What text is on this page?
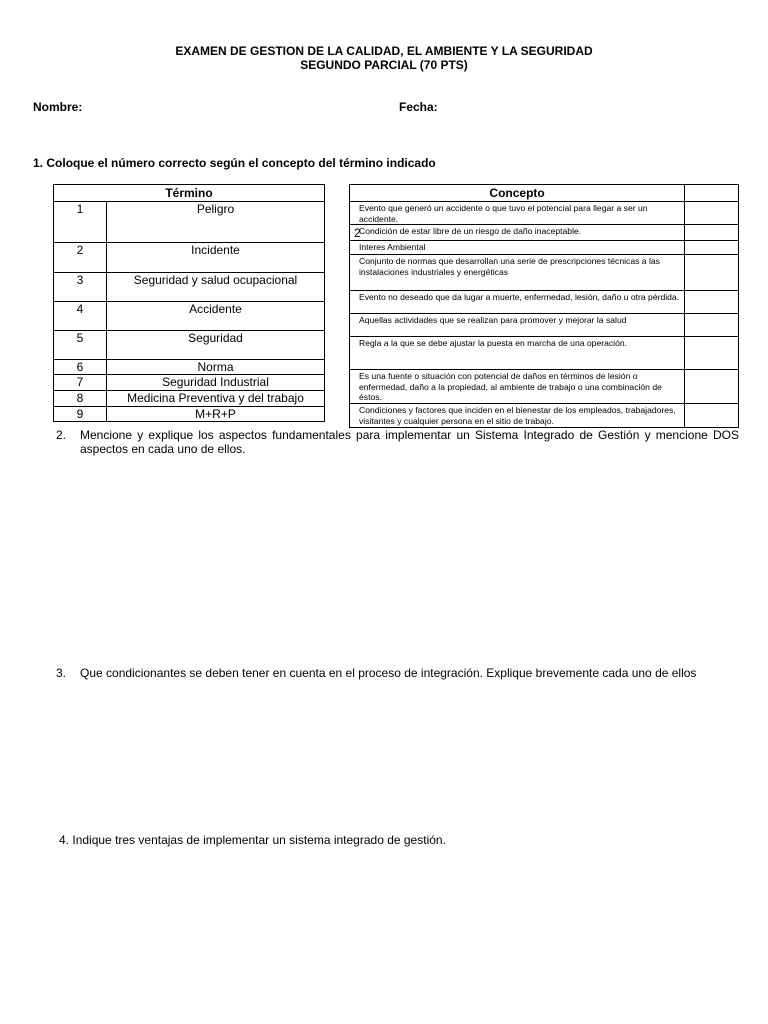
EXAMEN DE GESTION DE LA CALIDAD, EL AMBIENTE Y LA SEGURIDAD
SEGUNDO PARCIAL (70 PTS)
Nombre:	Fecha:
1. Coloque el número correcto según el concepto del término indicado
Término	
1	Peligro
2	Incidente
3	Seguridad y salud ocupacional
4	Accidente
5	Seguridad
6	Norma
7	Seguridad Industrial
8	Medicina Preventiva y del trabajo
9	M+R+P
Concepto	
Evento que generó un accidente o que tuvo el potencial para llegar a ser un accidente.	
Condición de estar libre de un riesgo de daño inaceptable.
2	

Interes Ambiental	
Conjunto de normas que desarrollan una serie de prescripciones técnicas a las instalaciones industriales y energéticas	
Evento no deseado que da lugar a muerte, enfermedad, lesión, daño u otra pérdida.	
Aquellas actividades que se realizan para promover y mejorar la salud	
Regla a la que se debe ajustar la puesta en marcha de una operación.	
Es una fuente o situación con potencial de daños en términos de lesión o enfermedad, daño a la propiedad, al ambiente de trabajo o una combinación de éstos.	
Condiciones y factores que inciden en el bienestar de los empleados, trabajadores, visitantes y cualquier persona en el sitio de trabajo.	
2. Mencione y explique los aspectos fundamentales para implementar un Sistema Integrado de Gestión y mencione DOS aspectos en cada uno de ellos.
3. Que condicionantes se deben tener en cuenta en el proceso de integración. Explique brevemente cada uno de ellos
4. Indique tres ventajas de implementar un sistema integrado de gestión.
